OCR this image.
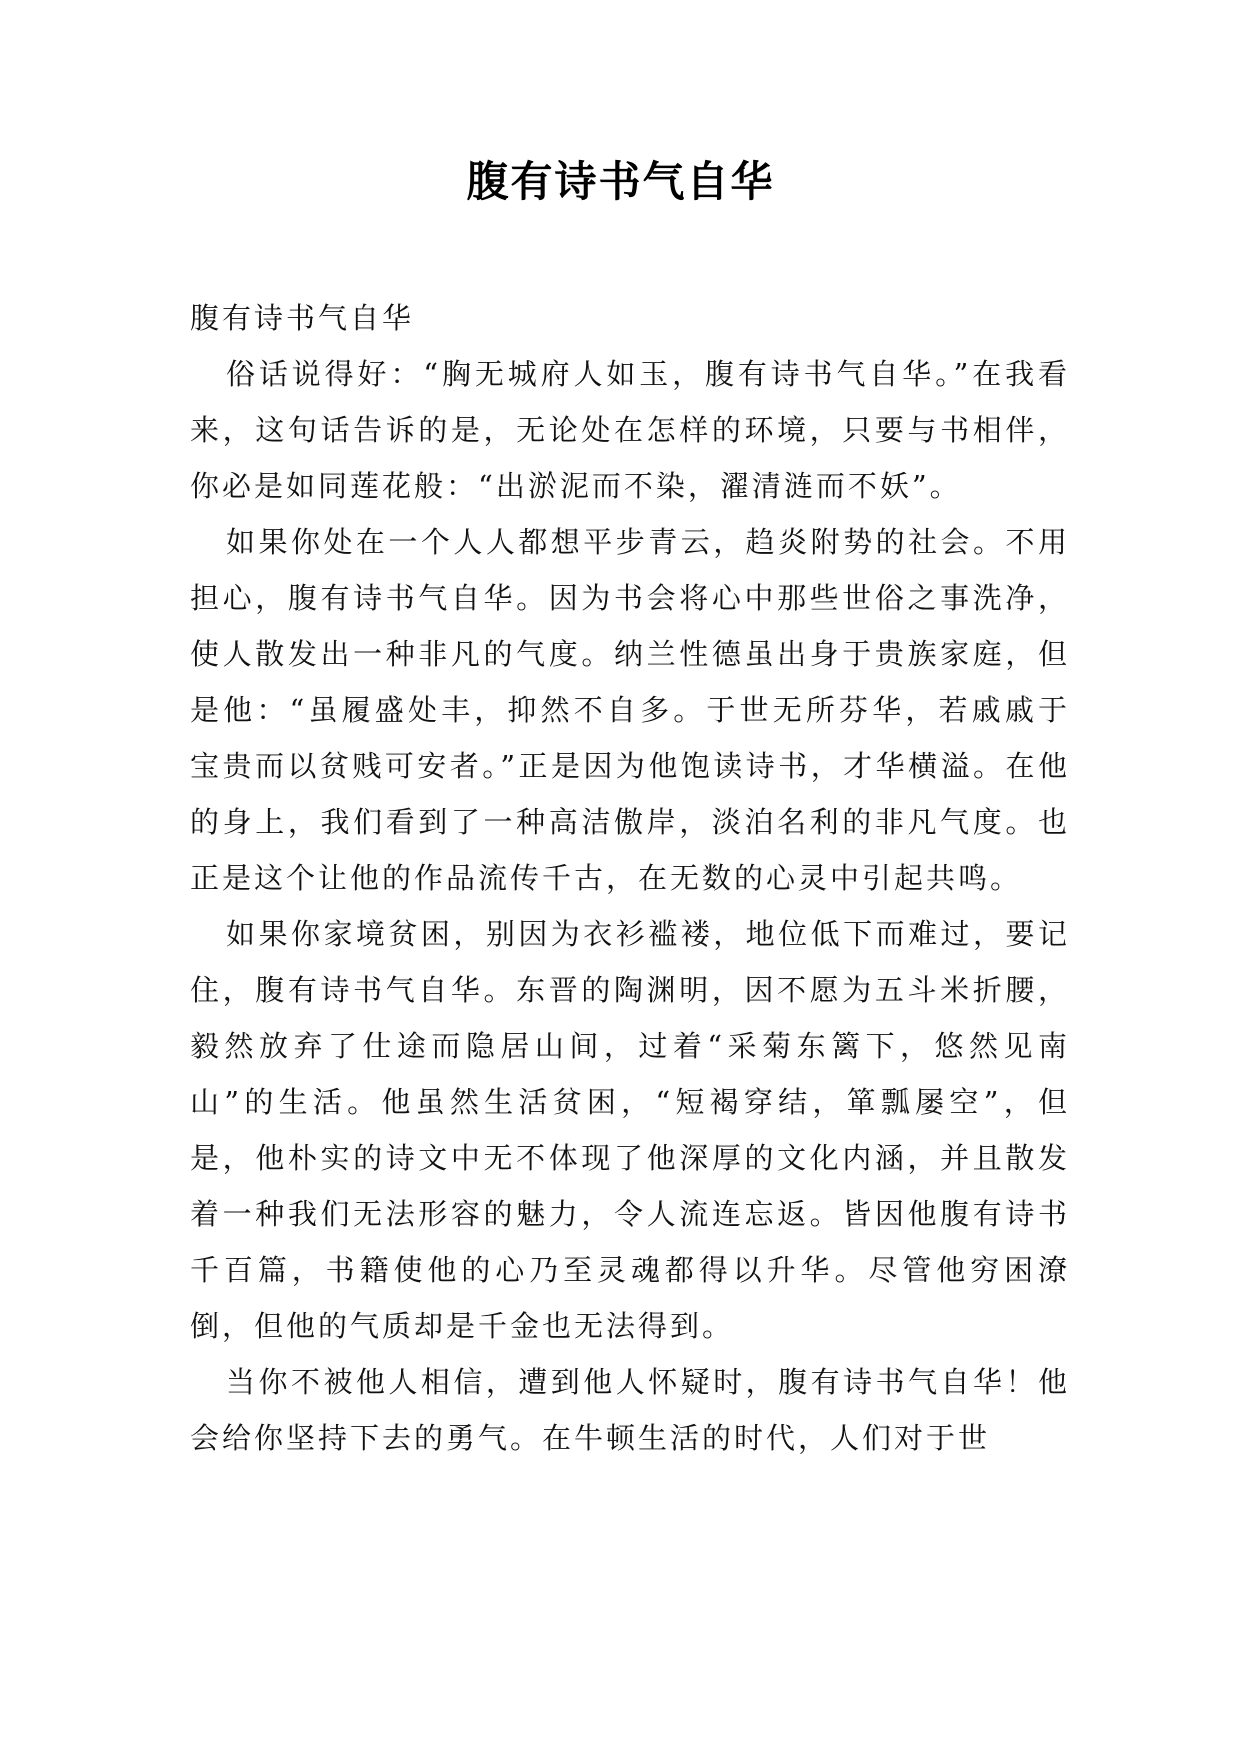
腹有诗书气自华

腹有诗书气自华

俗话说得好：“胸无城府人如玉，腹有诗书气自华。”在我看来，这句话告诉的是，无论处在怎样的环境，只要与书相伴，你必是如同莲花般：“出淤泥而不染，濯清涟而不妖”。

如果你处在一个人人都想平步青云，趋炎附势的社会。不用担心，腹有诗书气自华。因为书会将心中那些世俗之事洗净，使人散发出一种非凡的气度。纳兰性德虽出身于贵族家庭，但是他：“虽履盛处丰，抑然不自多。于世无所芬华，若戚戚于宝贵而以贫贱可安者。”正是因为他饱读诗书，才华横溢。在他的身上，我们看到了一种高洁傲岸，淡泊名利的非凡气度。也正是这个让他的作品流传千古，在无数的心灵中引起共鸣。

如果你家境贫困，别因为衣衫褴褛，地位低下而难过，要记住，腹有诗书气自华。东晋的陶渊明，因不愿为五斗米折腰，毅然放弃了仕途而隐居山间，过着“采菊东篱下，悠然见南山”的生活。他虽然生活贫困，“短褐穿结，箪瓢屡空”，但是，他朴实的诗文中无不体现了他深厚的文化内涵，并且散发着一种我们无法形容的魅力，令人流连忘返。皆因他腹有诗书千百篇，书籍使他的心乃至灵魂都得以升华。尽管他穷困潦倒，但他的气质却是千金也无法得到。

当你不被他人相信，遭到他人怀疑时，腹有诗书气自华！他会给你坚持下去的勇气。在牛顿生活的时代，人们对于世
